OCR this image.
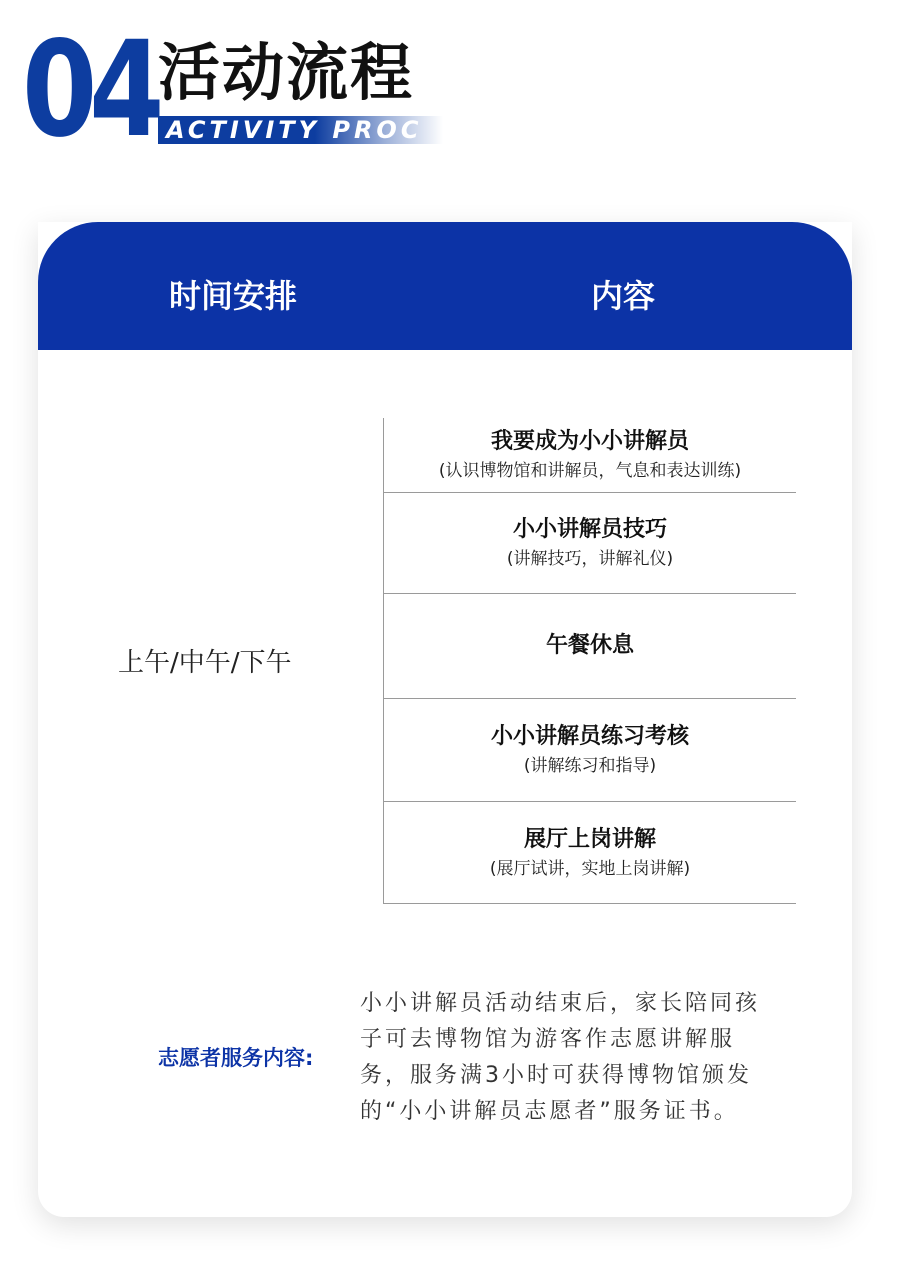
04 活动流程
ACTIVITY PROC
时间安排	内容
上午/中午/下午
我要成为小小讲解员
(认识博物馆和讲解员，气息和表达训练)
小小讲解员技巧
(讲解技巧，讲解礼仪)
午餐休息
小小讲解员练习考核
(讲解练习和指导)
展厅上岗讲解
(展厅试讲，实地上岗讲解)
志愿者服务内容:
小小讲解员活动结束后，家长陪同孩子可去博物馆为游客作志愿讲解服务，服务满3小时可获得博物馆颁发的“小小讲解员志愿者”服务证书。
